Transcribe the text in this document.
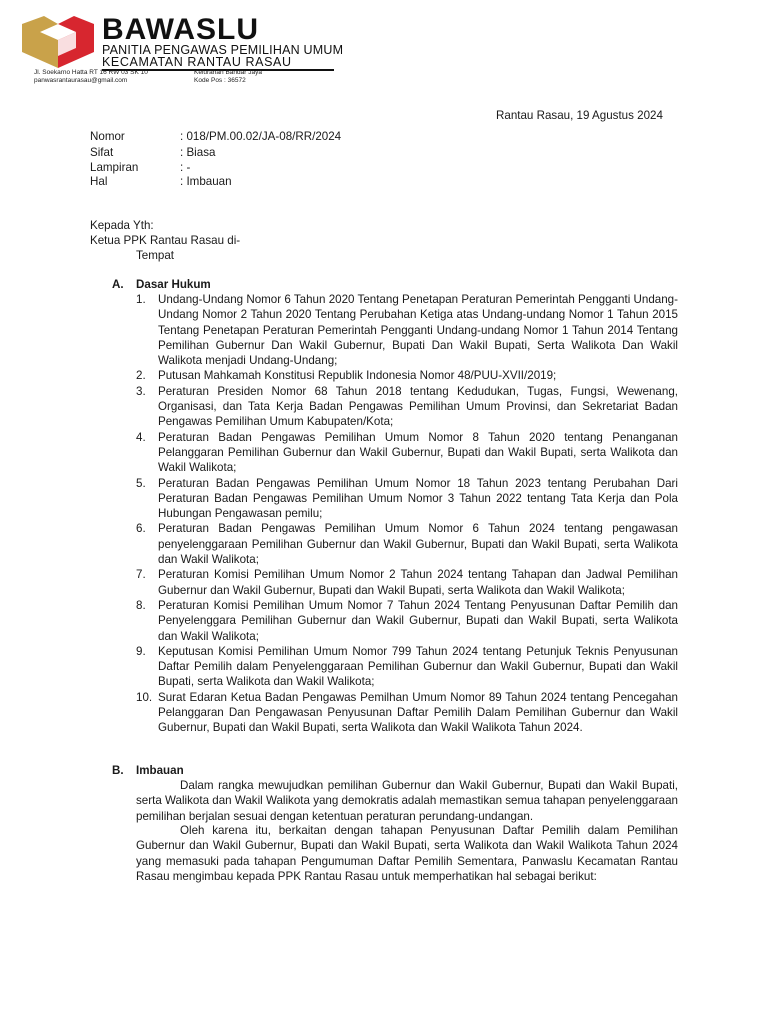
BAWASLU
PANITIA PENGAWAS PEMILIHAN UMUM
KECAMATAN RANTAU RASAU
Jl. Soekarno Hatta RT 16 RW 03 SK 10
panwasrantaurasau@gmail.com
Kelurahan Bandar Jaya
Kode Pos : 36572
Rantau Rasau, 19 Agustus 2024
Nomor	: 018/PM.00.02/JA-08/RR/2024
Sifat	: Biasa
Lampiran	: -
Hal	: Imbauan
Kepada Yth:
Ketua PPK Rantau Rasau di-
Tempat
A. Dasar Hukum
1. Undang-Undang Nomor 6 Tahun 2020 Tentang Penetapan Peraturan Pemerintah Pengganti Undang-Undang Nomor 2 Tahun 2020 Tentang Perubahan Ketiga atas Undang-undang Nomor 1 Tahun 2015 Tentang Penetapan Peraturan Pemerintah Pengganti Undang-undang Nomor 1 Tahun 2014 Tentang Pemilihan Gubernur Dan Wakil Gubernur, Bupati Dan Wakil Bupati, Serta Walikota Dan Wakil Walikota menjadi Undang-Undang;
2. Putusan Mahkamah Konstitusi Republik Indonesia Nomor 48/PUU-XVII/2019;
3. Peraturan Presiden Nomor 68 Tahun 2018 tentang Kedudukan, Tugas, Fungsi, Wewenang, Organisasi, dan Tata Kerja Badan Pengawas Pemilihan Umum Provinsi, dan Sekretariat Badan Pengawas Pemilihan Umum Kabupaten/Kota;
4. Peraturan Badan Pengawas Pemilihan Umum Nomor 8 Tahun 2020 tentang Penanganan Pelanggaran Pemilihan Gubernur dan Wakil Gubernur, Bupati dan Wakil Bupati, serta Walikota dan Wakil Walikota;
5. Peraturan Badan Pengawas Pemilihan Umum Nomor 18 Tahun 2023 tentang Perubahan Dari Peraturan Badan Pengawas Pemilihan Umum Nomor 3 Tahun 2022 tentang Tata Kerja dan Pola Hubungan Pengawasan pemilu;
6. Peraturan Badan Pengawas Pemilihan Umum Nomor 6 Tahun 2024 tentang pengawasan penyelenggaraan Pemilihan Gubernur dan Wakil Gubernur, Bupati dan Wakil Bupati, serta Walikota dan Wakil Walikota;
7. Peraturan Komisi Pemilihan Umum Nomor 2 Tahun 2024 tentang Tahapan dan Jadwal Pemilihan Gubernur dan Wakil Gubernur, Bupati dan Wakil Bupati, serta Walikota dan Wakil Walikota;
8. Peraturan Komisi Pemilihan Umum Nomor 7 Tahun 2024 Tentang Penyusunan Daftar Pemilih dan Penyelenggara Pemilihan Gubernur dan Wakil Gubernur, Bupati dan Wakil Bupati, serta Walikota dan Wakil Walikota;
9. Keputusan Komisi Pemilihan Umum Nomor 799 Tahun 2024 tentang Petunjuk Teknis Penyusunan Daftar Pemilih dalam Penyelenggaraan Pemilihan Gubernur dan Wakil Gubernur, Bupati dan Wakil Bupati, serta Walikota dan Wakil Walikota;
10. Surat Edaran Ketua Badan Pengawas Pemilhan Umum Nomor 89 Tahun 2024 tentang Pencegahan Pelanggaran Dan Pengawasan Penyusunan Daftar Pemilih Dalam Pemilihan Gubernur dan Wakil Gubernur, Bupati dan Wakil Bupati, serta Walikota dan Wakil Walikota Tahun 2024.
B. Imbauan

Dalam rangka mewujudkan pemilihan Gubernur dan Wakil Gubernur, Bupati dan Wakil Bupati, serta Walikota dan Wakil Walikota yang demokratis adalah memastikan semua tahapan penyelenggaraan pemilihan berjalan sesuai dengan ketentuan peraturan perundang-undangan.

Oleh karena itu, berkaitan dengan tahapan Penyusunan Daftar Pemilih dalam Pemilihan Gubernur dan Wakil Gubernur, Bupati dan Wakil Bupati, serta Walikota dan Wakil Walikota Tahun 2024 yang memasuki pada tahapan Pengumuman Daftar Pemilih Sementara, Panwaslu Kecamatan Rantau Rasau mengimbau kepada PPK Rantau Rasau untuk memperhatikan hal sebagai berikut:
